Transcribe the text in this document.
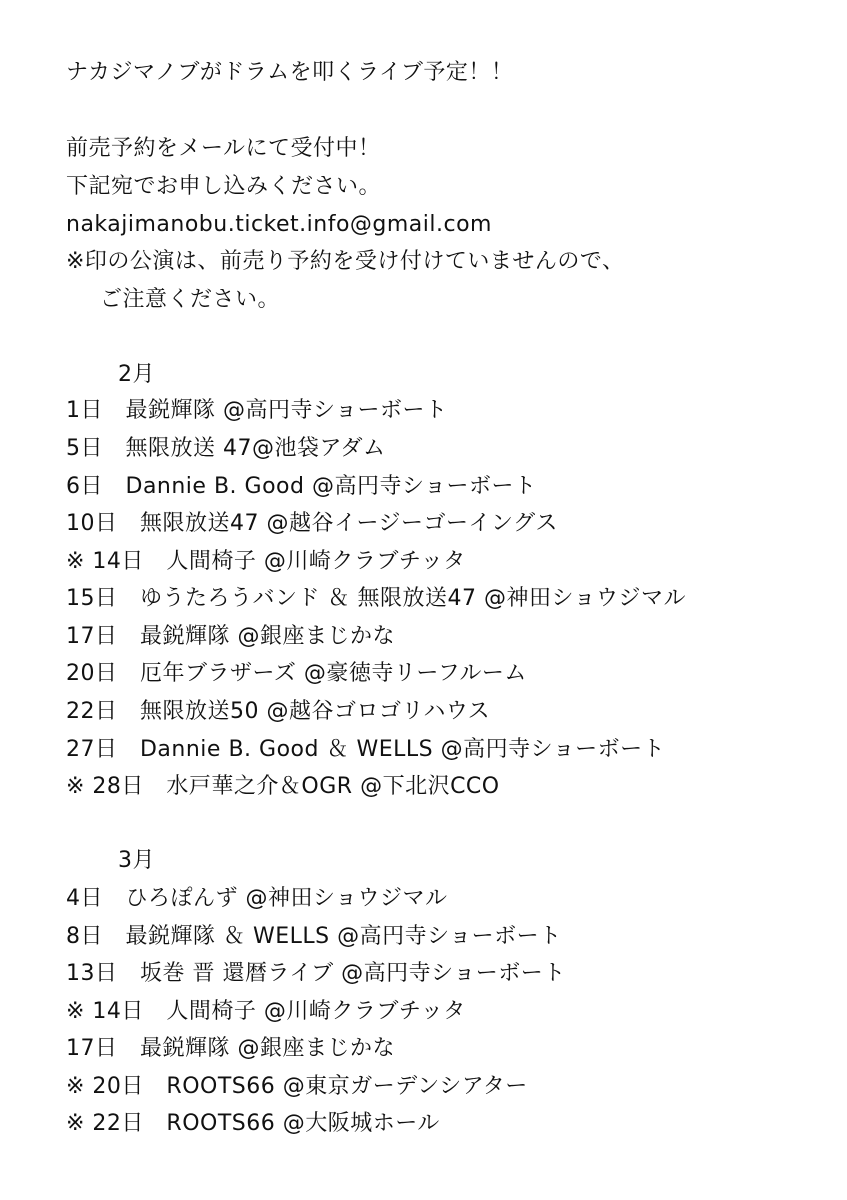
ナカジマノブがドラムを叩くライブ予定！！
前売予約をメールにて受付中！
下記宛でお申し込みください。
nakajimanobu.ticket.info@gmail.com
※印の公演は、前売り予約を受け付けていませんので、
ご注意ください。
2月
1日　最鋭輝隊 @高円寺ショーボート
5日　無限放送 47@池袋アダム
6日　Dannie B. Good @高円寺ショーボート
10日　無限放送47 @越谷イージーゴーイングス
※ 14日　人間椅子 @川崎クラブチッタ
15日　ゆうたろうバンド ＆ 無限放送47 @神田ショウジマル
17日　最鋭輝隊 @銀座まじかな
20日　厄年ブラザーズ @豪徳寺リーフルーム
22日　無限放送50 @越谷ゴロゴリハウス
27日　Dannie B. Good ＆ WELLS @高円寺ショーボート
※ 28日　水戸華之介＆OGR @下北沢CCO
3月
4日　ひろぽんず @神田ショウジマル
8日　最鋭輝隊 ＆ WELLS @高円寺ショーボート
13日　坂巻 晋 還暦ライブ @高円寺ショーボート
※ 14日　人間椅子 @川崎クラブチッタ
17日　最鋭輝隊 @銀座まじかな
※ 20日　ROOTS66 @東京ガーデンシアター
※ 22日　ROOTS66 @大阪城ホール
